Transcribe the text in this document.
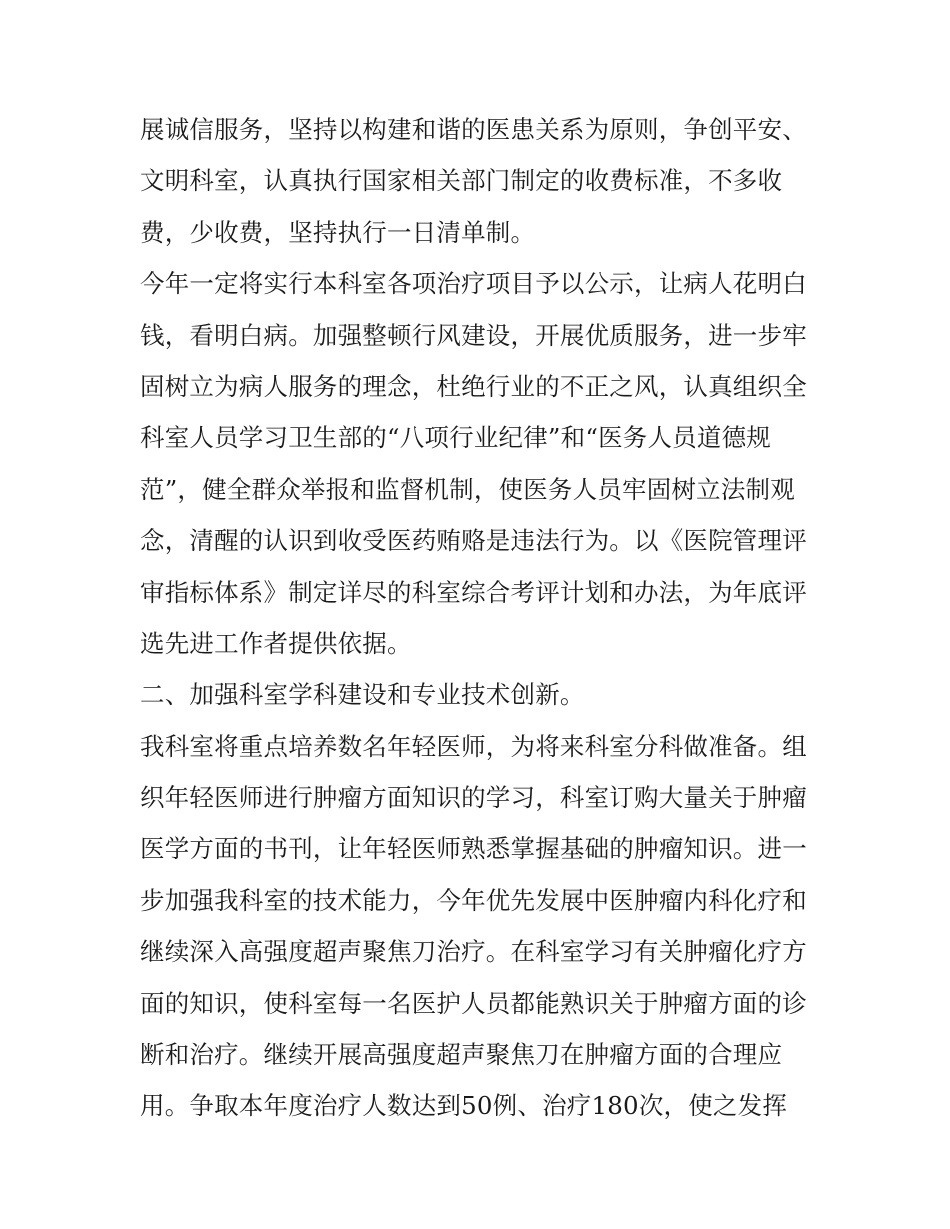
展诚信服务，坚持以构建和谐的医患关系为原则，争创平安、
文明科室，认真执行国家相关部门制定的收费标准，不多收
费，少收费，坚持执行一日清单制。
今年一定将实行本科室各项治疗项目予以公示，让病人花明白
钱，看明白病。加强整顿行风建设，开展优质服务，进一步牢
固树立为病人服务的理念，杜绝行业的不正之风，认真组织全
科室人员学习卫生部的“八项行业纪律”和“医务人员道德规
范”，健全群众举报和监督机制，使医务人员牢固树立法制观
念，清醒的认识到收受医药贿赂是违法行为。以《医院管理评
审指标体系》制定详尽的科室综合考评计划和办法，为年底评
选先进工作者提供依据。
二、加强科室学科建设和专业技术创新。
我科室将重点培养数名年轻医师，为将来科室分科做准备。组
织年轻医师进行肿瘤方面知识的学习，科室订购大量关于肿瘤
医学方面的书刊，让年轻医师熟悉掌握基础的肿瘤知识。进一
步加强我科室的技术能力，今年优先发展中医肿瘤内科化疗和
继续深入高强度超声聚焦刀治疗。在科室学习有关肿瘤化疗方
面的知识，使科室每一名医护人员都能熟识关于肿瘤方面的诊
断和治疗。继续开展高强度超声聚焦刀在肿瘤方面的合理应
用。争取本年度治疗人数达到50例、治疗180次，使之发挥
